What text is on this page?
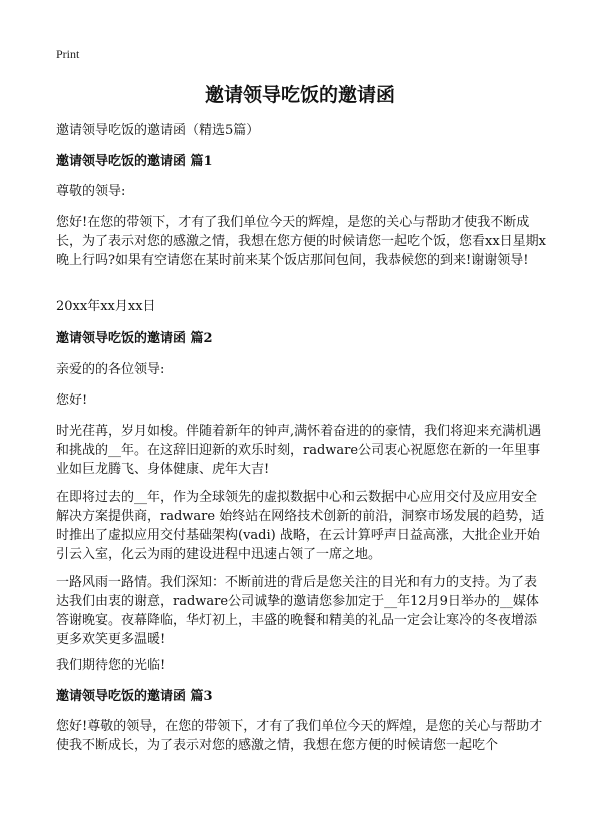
Print
邀请领导吃饭的邀请函
邀请领导吃饭的邀请函（精选5篇）
邀请领导吃饭的邀请函 篇1
尊敬的领导:
您好!在您的带领下，才有了我们单位今天的辉煌，是您的关心与帮助才使我不断成长，为了表示对您的感激之情，我想在您方便的时候请您一起吃个饭，您看xx日星期x晚上行吗?如果有空请您在某时前来某个饭店那间包间，我恭候您的到来!谢谢领导!
20xx年xx月xx日
邀请领导吃饭的邀请函 篇2
亲爱的的各位领导:
您好!
时光荏苒，岁月如梭。伴随着新年的钟声,满怀着奋进的的豪情，我们将迎来充满机遇和挑战的__年。在这辞旧迎新的欢乐时刻，radware公司衷心祝愿您在新的一年里事业如巨龙腾飞、身体健康、虎年大吉!
在即将过去的__年，作为全球领先的虚拟数据中心和云数据中心应用交付及应用安全解决方案提供商，radware 始终站在网络技术创新的前沿，洞察市场发展的趋势，适时推出了虚拟应用交付基础架构(vadi) 战略，在云计算呼声日益高涨，大批企业开始引云入室，化云为雨的建设进程中迅速占领了一席之地。
一路风雨一路情。我们深知：不断前进的背后是您关注的目光和有力的支持。为了表达我们由衷的谢意，radware公司诚挚的邀请您参加定于__年12月9日举办的__媒体答谢晚宴。夜幕降临，华灯初上，丰盛的晚餐和精美的礼品一定会让寒冷的冬夜增添更多欢笑更多温暖!
我们期待您的光临!
邀请领导吃饭的邀请函 篇3
您好!尊敬的领导，在您的带领下，才有了我们单位今天的辉煌，是您的关心与帮助才使我不断成长，为了表示对您的感激之情，我想在您方便的时候请您一起吃个
